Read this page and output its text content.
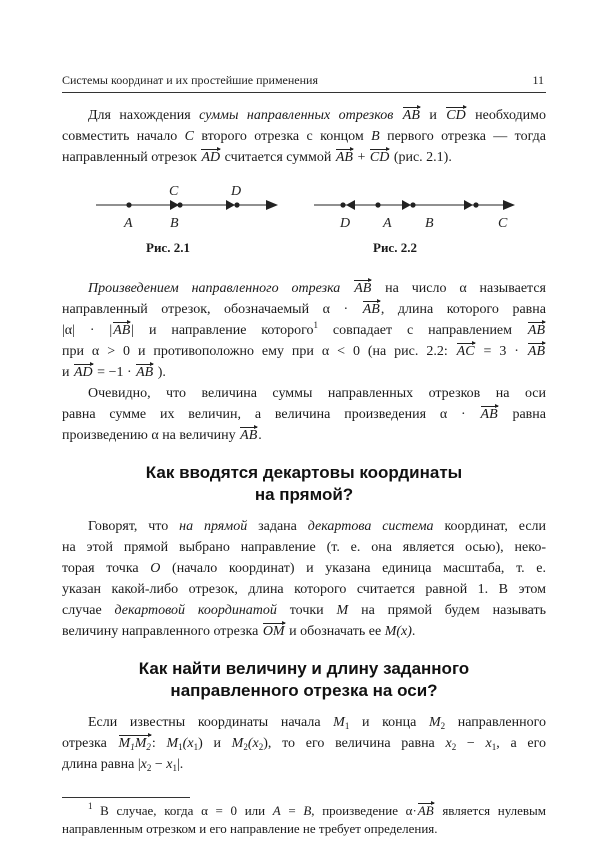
Системы координат и их простейшие применения	11
Для нахождения суммы направленных отрезков AB и CD необходимо
совместить начало C второго отрезка с концом B первого отрезка — тогда
направленный отрезок AD считается суммой AB + CD (рис. 2.1).
A	B
C	D
Рис. 2.1
D A B	C
Рис. 2.2
Произведением направленного отрезка AB на число α называется
направленный отрезок, обозначаемый α · AB, длина которого равна
|α| · |AB| и направление которого$^1$ совпадает с направлением AB
при α > 0 и противоположно ему при α < 0 (на рис. 2.2: AC = 3 · AB
и AD = −1 · AB ).
Очевидно, что величина суммы направленных отрезков на оси
равна сумме их величин, а величина произведения α · AB равна
произведению α на величину AB.
Как вводятся декартовы координаты
на прямой?
Говорят, что на прямой задана декартова система координат, если
на этой прямой выбрано направление (т. е. она является осью), неко-
торая точка O (начало координат) и указана единица масштаба, т. е.
указан какой-либо отрезок, длина которого считается равной 1. В этом
случае декартовой координатой точки M на прямой будем называть
величину направленного отрезка OM и обозначать ее M(x).
Как найти величину и длину заданного
направленного отрезка на оси?
Если известны координаты начала $M_1$ и конца $M_2$ направленного
отрезка $M_1M_2$: $M_1(x_1)$ и $M_2(x_2)$, то его величина равна $x_2 - x_1$, а его
длина равна $|x_2 - x_1|$.
$^1$ В случае, когда α = 0 или A = B, произведение α·AB является нулевым
направленным отрезком и его направление не требует определения.
